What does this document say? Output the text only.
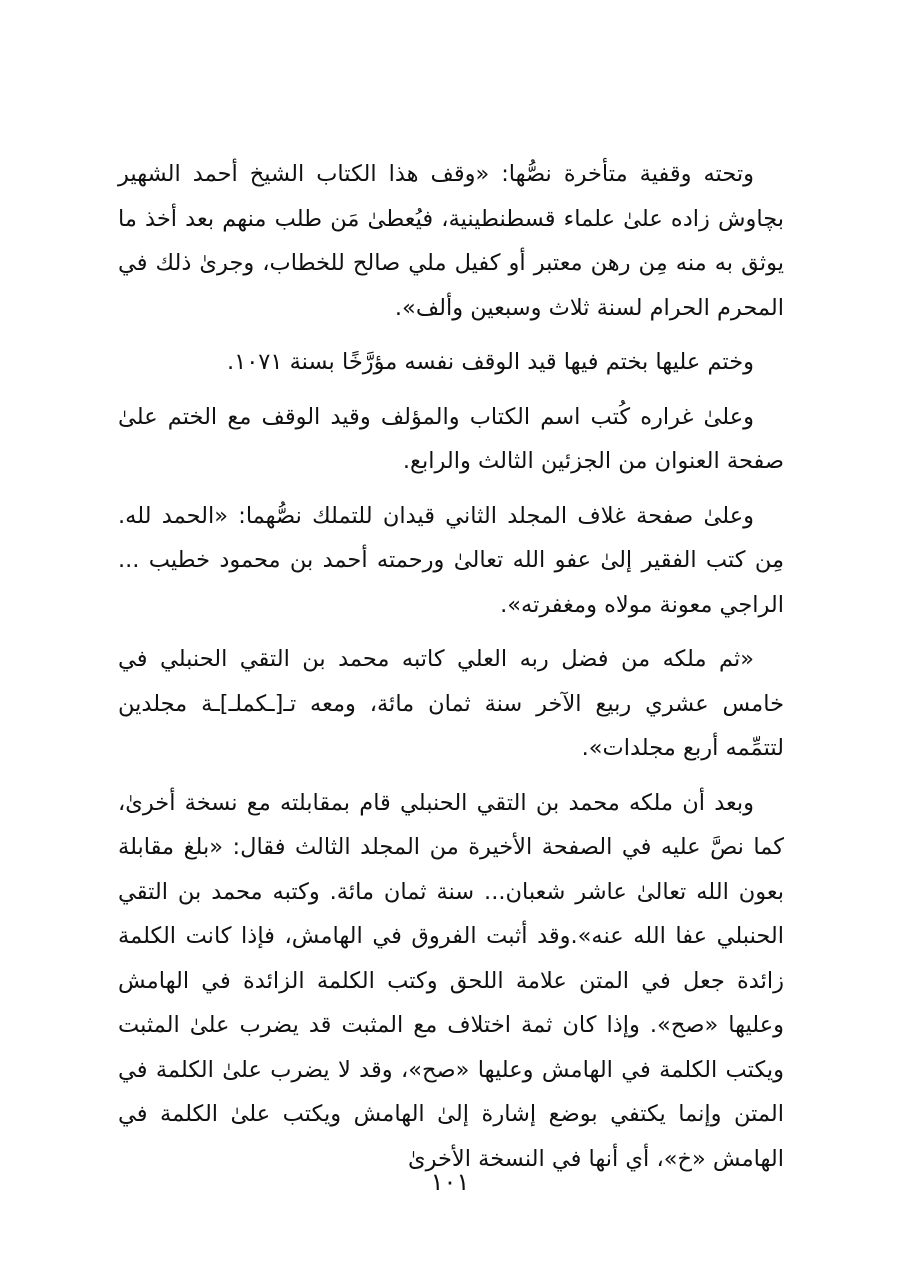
وتحته وقفية متأخرة نصُّها: «وقف هذا الكتاب الشيخ أحمد الشهير بچاوش زاده علىٰ علماء قسطنطينية، فيُعطىٰ مَن طلب منهم بعد أخذ ما يوثق به منه مِن رهن معتبر أو كفيل ملي صالح للخطاب، وجرىٰ ذلك في المحرم الحرام لسنة ثلاث وسبعين وألف».

وختم عليها بختم فيها قيد الوقف نفسه مؤرَّخًا بسنة ١٠٧١.

وعلىٰ غراره كُتب اسم الكتاب والمؤلف وقيد الوقف مع الختم علىٰ صفحة العنوان من الجزئين الثالث والرابع.

وعلىٰ صفحة غلاف المجلد الثاني قيدان للتملك نصُّهما: «الحمد لله. مِن كتب الفقير إلىٰ عفو الله تعالىٰ ورحمته أحمد بن محمود خطيب ... الراجي معونة مولاه ومغفرته».

«ثم ملكه من فضل ربه العلي كاتبه محمد بن التقي الحنبلي في خامس عشري ربيع الآخر سنة ثمان مائة، ومعه تـ[ـكملـ]ـة مجلدين لتتمِّمه أربع مجلدات».

وبعد أن ملكه محمد بن التقي الحنبلي قام بمقابلته مع نسخة أخرىٰ، كما نصَّ عليه في الصفحة الأخيرة من المجلد الثالث فقال: «بلغ مقابلة بعون الله تعالىٰ عاشر شعبان... سنة ثمان مائة. وكتبه محمد بن التقي الحنبلي عفا الله عنه».وقد أثبت الفروق في الهامش، فإذا كانت الكلمة زائدة جعل في المتن علامة اللحق وكتب الكلمة الزائدة في الهامش وعليها «صح». وإذا كان ثمة اختلاف مع المثبت قد يضرب علىٰ المثبت ويكتب الكلمة في الهامش وعليها «صح»، وقد لا يضرب علىٰ الكلمة في المتن وإنما يكتفي بوضع إشارة إلىٰ الهامش ويكتب علىٰ الكلمة في الهامش «خ»، أي أنها في النسخة الأخرىٰ

١٠١
